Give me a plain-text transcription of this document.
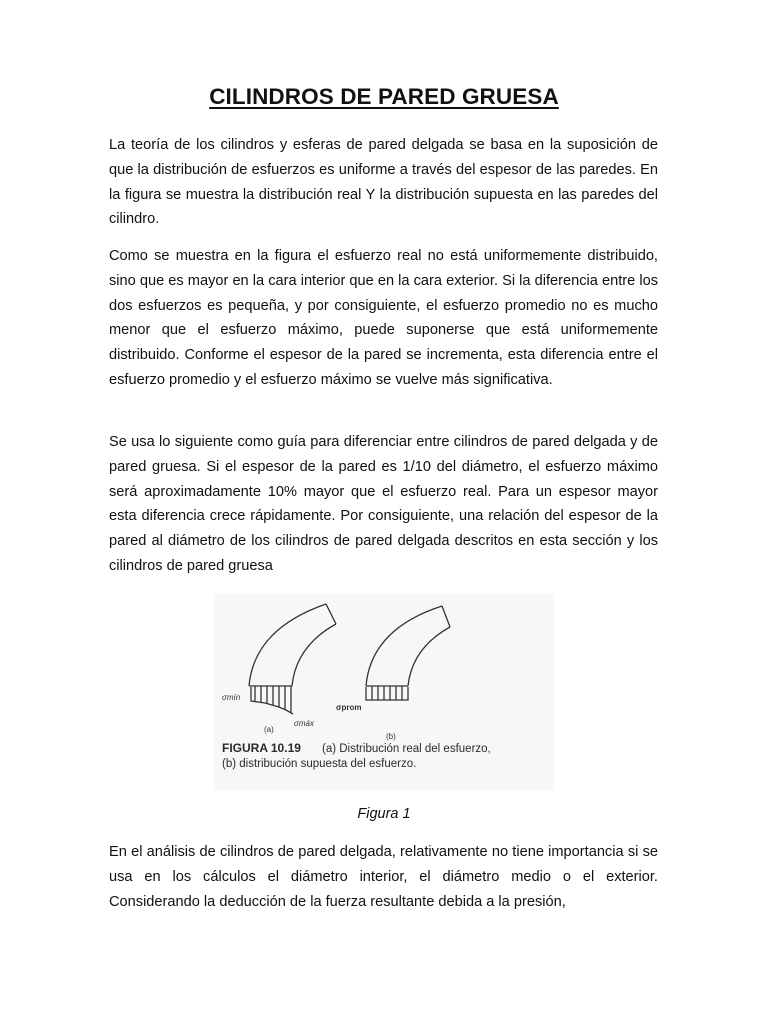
CILINDROS DE PARED GRUESA

La teoría de los cilindros y esferas de pared delgada se basa en la suposición de que la distribución de esfuerzos es uniforme a través del espesor de las paredes. En la figura se muestra la distribución real Y la distribución supuesta en las paredes del cilindro.

Como se muestra en la figura el esfuerzo real no está uniformemente distribuido, sino que es mayor en la cara interior que en la cara exterior. Si la diferencia entre los dos esfuerzos es pequeña, y por consiguiente, el esfuerzo promedio no es mucho menor que el esfuerzo máximo, puede suponerse que está uniformemente distribuido. Conforme el espesor de la pared se incrementa, esta diferencia entre el esfuerzo promedio y el esfuerzo máximo se vuelve más significativa.

Se usa lo siguiente como guía para diferenciar entre cilindros de pared delgada y de pared gruesa. Si el espesor de la pared es 1/10 del diámetro, el esfuerzo máximo será aproximadamente 10% mayor que el esfuerzo real. Para un espesor mayor esta diferencia crece rápidamente. Por consiguiente, una relación del espesor de la pared al diámetro de los cilindros de pared delgada descritos en esta sección y los cilindros de pared gruesa

σmín
σmáx
(a)
σprom
(b)
FIGURA 10.19 (a) Distribución real del esfuerzo,
(b) distribución supuesta del esfuerzo.
Figura 1

En el análisis de cilindros de pared delgada, relativamente no tiene importancia si se usa en los cálculos el diámetro interior, el diámetro medio o el exterior. Considerando la deducción de la fuerza resultante debida a la presión,
